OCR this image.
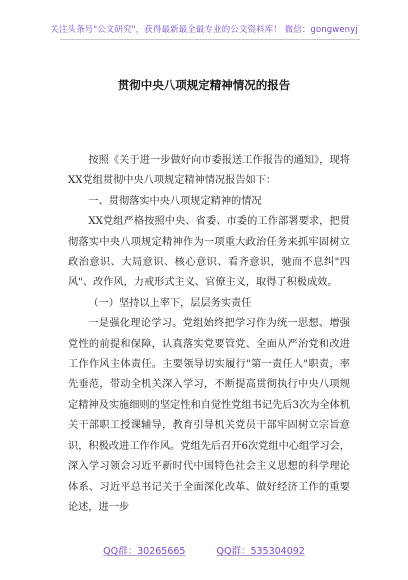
关注头条号"公文研究"，获得最新最全最专业的公文资料库！ 微信：gongwenyj
贯彻中央八项规定精神情况的报告

按照《关于进一步做好向市委报送工作报告的通知》，现将XX党组贯彻中央八项规定精神情况报告如下：

一、贯彻落实中央八项规定精神的情况

XX党组严格按照中央、省委、市委的工作部署要求，把贯彻落实中央八项规定精神作为一项重大政治任务来抓牢固树立政治意识、大局意识、核心意识、看齐意识，驰而不息纠"四风"、改作风，力戒形式主义、官僚主义，取得了积极成效。

（一）坚持以上率下，层层务实责任

一是强化理论学习。党组始终把学习作为统一思想、增强党性的前提和保障，认真落实党要管党、全面从严治党和改进工作作风主体责任。主要领导切实履行"第一责任人"职责，率先垂范，带动全机关深入学习，不断提高贯彻执行中央八项规定精神及实施细则的坚定性和自觉性党组书记先后3次为全体机关干部职工授课辅导，教育引导机关党员干部牢固树立宗旨意识，积极改进工作作风。党组先后召开6次党组中心组学习会，深入学习领会习近平新时代中国特色社会主义思想的科学理论体系、习近平总书记关于全面深化改革、做好经济工作的重要论述，进一步

QQ群：30265665	QQ群：535304092
